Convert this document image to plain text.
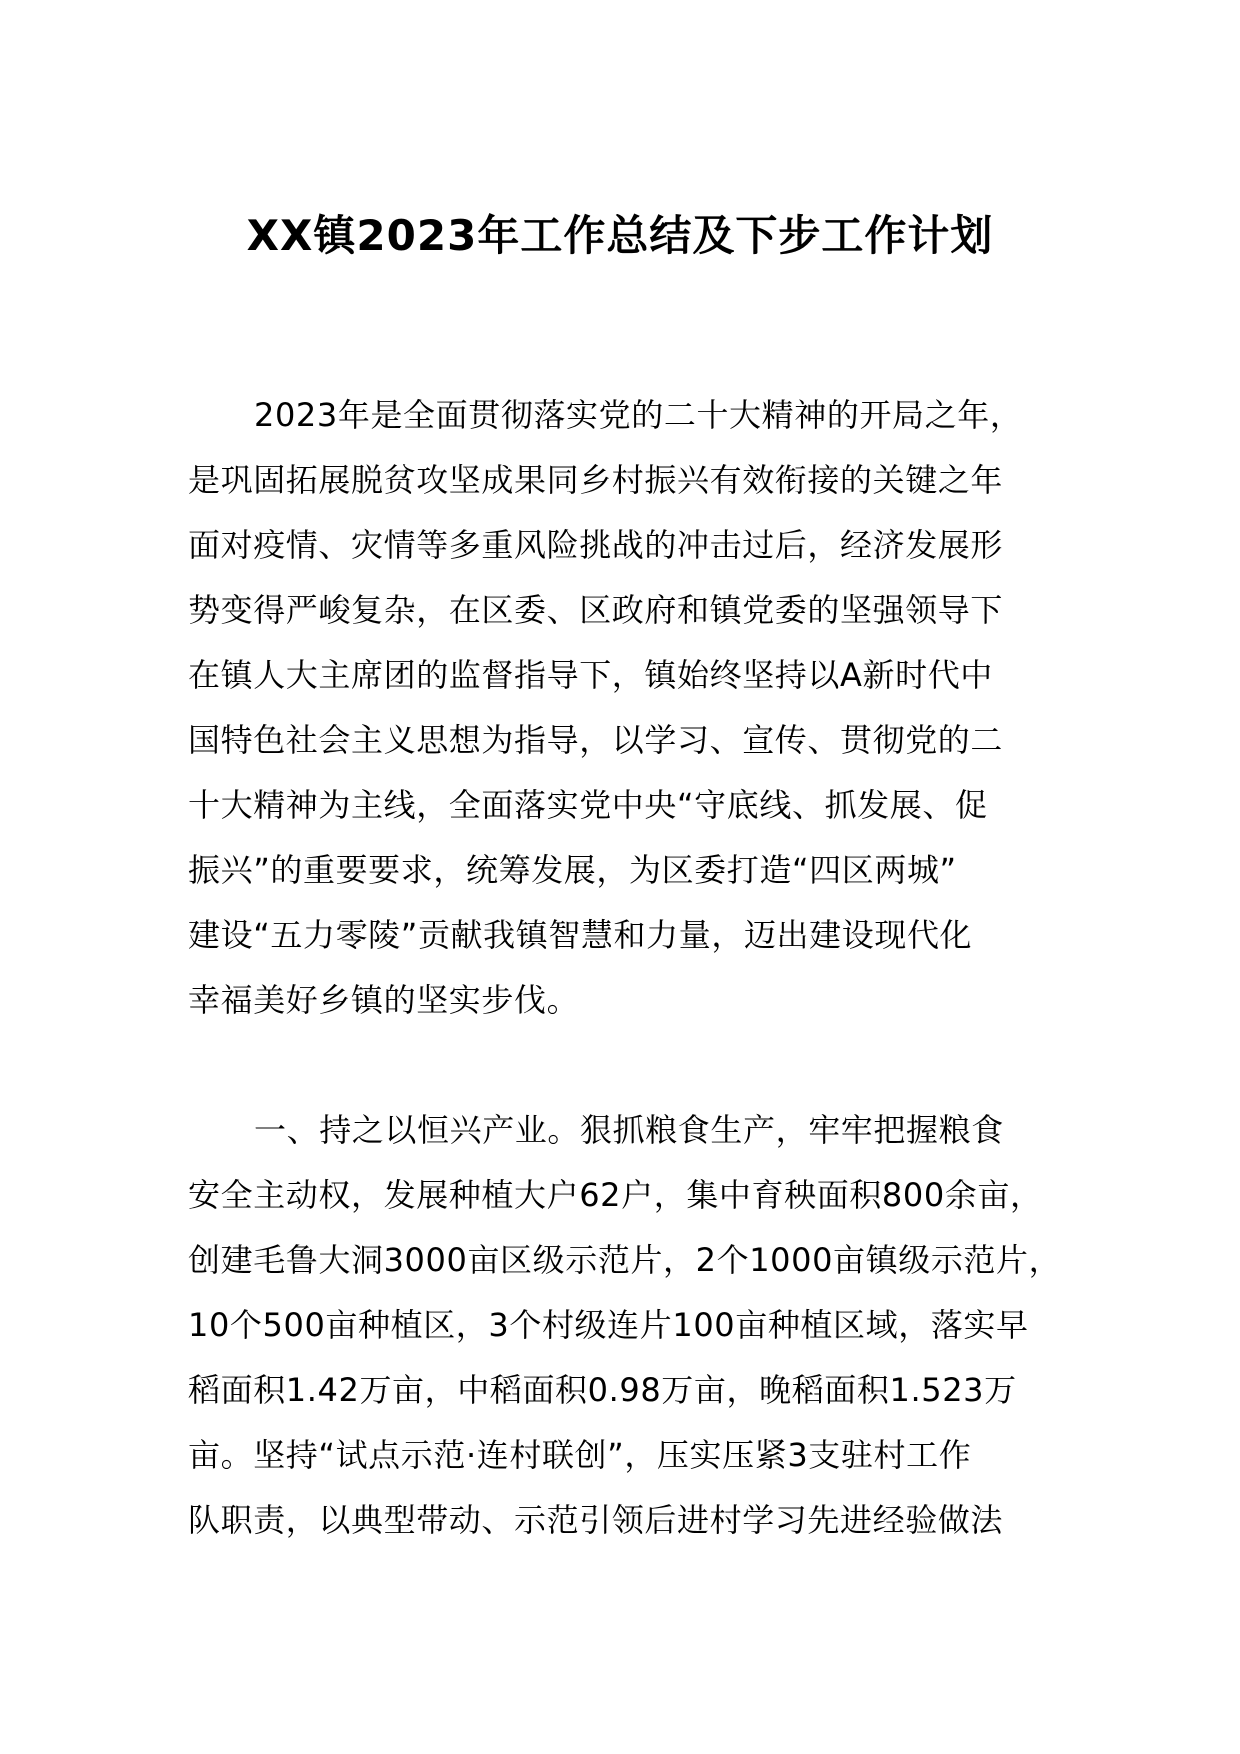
XX镇2023年工作总结及下步工作计划
2023年是全面贯彻落实党的二十大精神的开局之年，
是巩固拓展脱贫攻坚成果同乡村振兴有效衔接的关键之年
面对疫情、灾情等多重风险挑战的冲击过后，经济发展形
势变得严峻复杂，在区委、区政府和镇党委的坚强领导下
在镇人大主席团的监督指导下，镇始终坚持以A新时代中
国特色社会主义思想为指导，以学习、宣传、贯彻党的二
十大精神为主线，全面落实党中央“守底线、抓发展、促
振兴”的重要要求，统筹发展，为区委打造“四区两城”
建设“五力零陵”贡献我镇智慧和力量，迈出建设现代化
幸福美好乡镇的坚实步伐。
一、持之以恒兴产业。狠抓粮食生产，牢牢把握粮食
安全主动权，发展种植大户62户，集中育秧面积800余亩，
创建毛鲁大洞3000亩区级示范片，2个1000亩镇级示范片，
10个500亩种植区，3个村级连片100亩种植区域，落实早
稻面积1.42万亩，中稻面积0.98万亩，晚稻面积1.523万
亩。坚持“试点示范·连村联创”，压实压紧3支驻村工作
队职责，以典型带动、示范引领后进村学习先进经验做法
